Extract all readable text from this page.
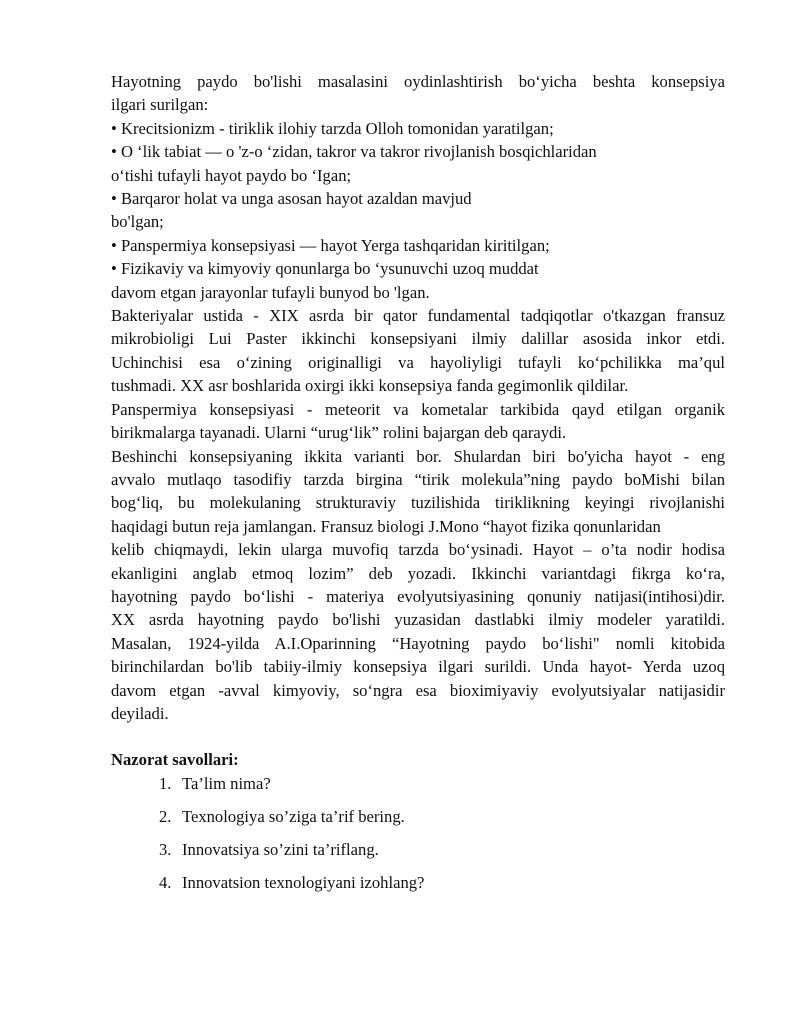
Hayotning paydo bo'lishi masalasini oydinlashtirish bo‘yicha beshta konsepsiya
ilgari surilgan:
• Krecitsionizm - tiriklik ilohiy tarzda Olloh tomonidan yaratilgan;
• O ‘lik tabiat — o 'z-o ‘zidan, takror va takror rivojlanish bosqichlaridan
o‘tishi tufayli hayot paydo bo ‘Igan;
• Barqaror holat va unga asosan hayot azaldan mavjud
bo'lgan;
• Panspermiya konsepsiyasi — hayot Yerga tashqaridan kiritilgan;
• Fizikaviy va kimyoviy qonunlarga bo ‘ysunuvchi uzoq muddat
davom etgan jarayonlar tufayli bunyod bo 'lgan.
Bakteriyalar ustida - XIX asrda bir qator fundamental tadqiqotlar o'tkazgan fransuz
mikrobioligi Lui Paster ikkinchi konsepsiyani ilmiy dalillar asosida inkor etdi.
Uchinchisi esa o‘zining originalligi va hayoliyligi tufayli ko‘pchilikka ma’qul
tushmadi. XX asr boshlarida oxirgi ikki konsepsiya fanda gegimonlik qildilar.
Panspermiya konsepsiyasi - meteorit va kometalar tarkibida qayd etilgan organik
birikmalarga tayanadi. Ularni “urug‘lik” rolini bajargan deb qaraydi.
Beshinchi konsepsiyaning ikkita varianti bor. Shulardan biri bo'yicha hayot - eng
avvalo mutlaqo tasodifiy tarzda birgina “tirik molekula”ning paydo boMishi bilan
bog‘liq, bu molekulaning strukturaviy tuzilishida tiriklikning keyingi rivojlanishi
haqidagi butun reja jamlangan. Fransuz biologi J.Mono “hayot fizika qonunlaridan
kelib chiqmaydi, lekin ularga muvofiq tarzda bo‘ysinadi. Hayot – o’ta nodir hodisa
ekanligini anglab etmoq lozim” deb yozadi. Ikkinchi variantdagi fikrga ko‘ra,
hayotning paydo bo‘lishi - materiya evolyutsiyasining qonuniy natijasi(intihosi)dir.
XX asrda hayotning paydo bo'lishi yuzasidan dastlabki ilmiy modeler yaratildi.
Masalan, 1924-yilda A.I.Oparinning “Hayotning paydo bo‘lishi" nomli kitobida
birinchilardan bo'lib tabiiy-ilmiy konsepsiya ilgari surildi. Unda hayot- Yerda uzoq
davom etgan -avval kimyoviy, so‘ngra esa bioximiyaviy evolyutsiyalar natijasidir
deyiladi.
Nazorat savollari:
1. Ta’lim nima?
2. Texnologiya so’ziga ta’rif bering.
3. Innovatsiya so’zini ta’riflang.
4. Innovatsion texnologiyani izohlang?
